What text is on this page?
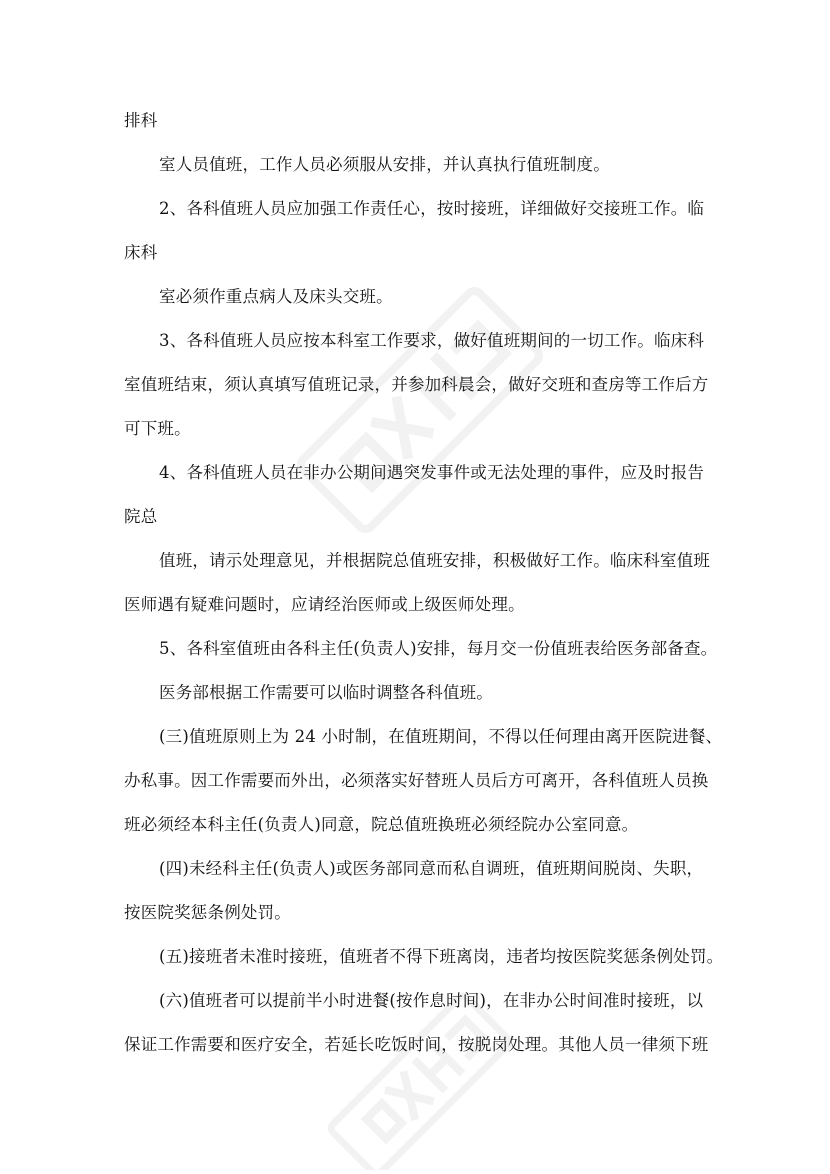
排科
室人员值班，工作人员必须服从安排，并认真执行值班制度。
2、各科值班人员应加强工作责任心，按时接班，详细做好交接班工作。临
床科
室必须作重点病人及床头交班。
3、各科值班人员应按本科室工作要求，做好值班期间的一切工作。临床科
室值班结束，须认真填写值班记录，并参加科晨会，做好交班和查房等工作后方
可下班。
4、各科值班人员在非办公期间遇突发事件或无法处理的事件，应及时报告
院总
值班，请示处理意见，并根据院总值班安排，积极做好工作。临床科室值班
医师遇有疑难问题时，应请经治医师或上级医师处理。
5、各科室值班由各科主任(负责人)安排，每月交一份值班表给医务部备查。
医务部根据工作需要可以临时调整各科值班。
(三)值班原则上为 24 小时制，在值班期间，不得以任何理由离开医院进餐、
办私事。因工作需要而外出，必须落实好替班人员后方可离开，各科值班人员换
班必须经本科主任(负责人)同意，院总值班换班必须经院办公室同意。
(四)未经科主任(负责人)或医务部同意而私自调班，值班期间脱岗、失职，
按医院奖惩条例处罚。
(五)接班者未准时接班，值班者不得下班离岗，违者均按医院奖惩条例处罚。
(六)值班者可以提前半小时进餐(按作息时间)，在非办公时间准时接班，以
保证工作需要和医疗安全，若延长吃饭时间，按脱岗处理。其他人员一律须下班
